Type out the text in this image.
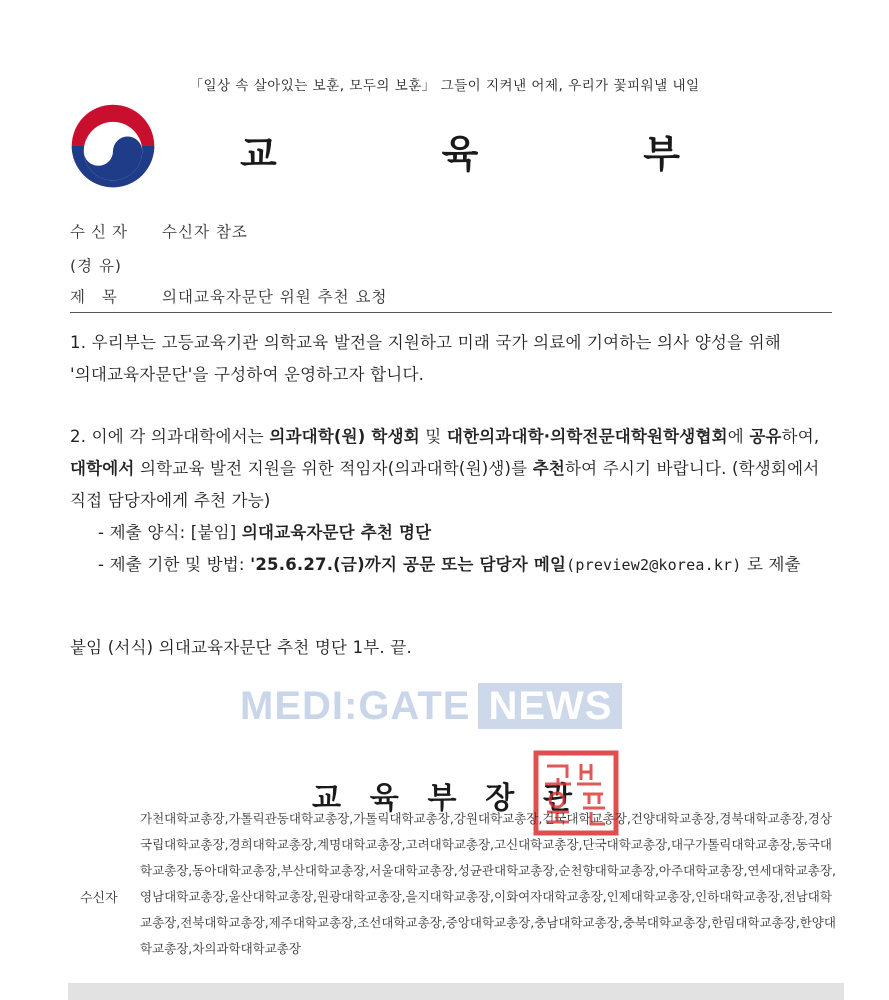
「일상 속 살아있는 보훈, 모두의 보훈」 그들이 지켜낸 어제, 우리가 꽃피워낼 내일
교	육	부
수신자 수신자 참조
(경 유)
제 목	의대교육자문단 위원 추천 요청
1. 우리부는 고등교육기관 의학교육 발전을 지원하고 미래 국가 의료에 기여하는 의사 양성을 위해 '의대교육자문단'을 구성하여 운영하고자 합니다.
2. 이에 각 의과대학에서는 의과대학(원) 학생회 및 대한의과대학·의학전문대학원학생협회에 공유하여, 대학에서 의학교육 발전 지원을 위한 적임자(의과대학(원)생)를 추천하여 주시기 바랍니다. (학생회에서 직접 담당자에게 추천 가능)
- 제출 양식: [붙임] 의대교육자문단 추천 명단
- 제출 기한 및 방법: '25.6.27.(금)까지 공문 또는 담당자 메일(preview2@korea.kr) 로 제출
붙임 (서식) 의대교육자문단 추천 명단 1부. 끝.
MEDI:GATE NEWS
교 육 부 장 관
수신자
가천대학교총장,가톨릭관동대학교총장,가톨릭대학교총장,강원대학교총장,건국대학교총장,건양대학교총장,경북대학교총장,경상국립대학교총장,경희대학교총장,계명대학교총장,고려대학교총장,고신대학교총장,단국대학교총장,대구가톨릭대학교총장,동국대학교총장,동아대학교총장,부산대학교총장,서울대학교총장,성균관대학교총장,순천향대학교총장,아주대학교총장,연세대학교총장,영남대학교총장,울산대학교총장,원광대학교총장,을지대학교총장,이화여자대학교총장,인제대학교총장,인하대학교총장,전남대학교총장,전북대학교총장,제주대학교총장,조선대학교총장,중앙대학교총장,충남대학교총장,충북대학교총장,한림대학교총장,한양대학교총장,차의과학대학교총장
